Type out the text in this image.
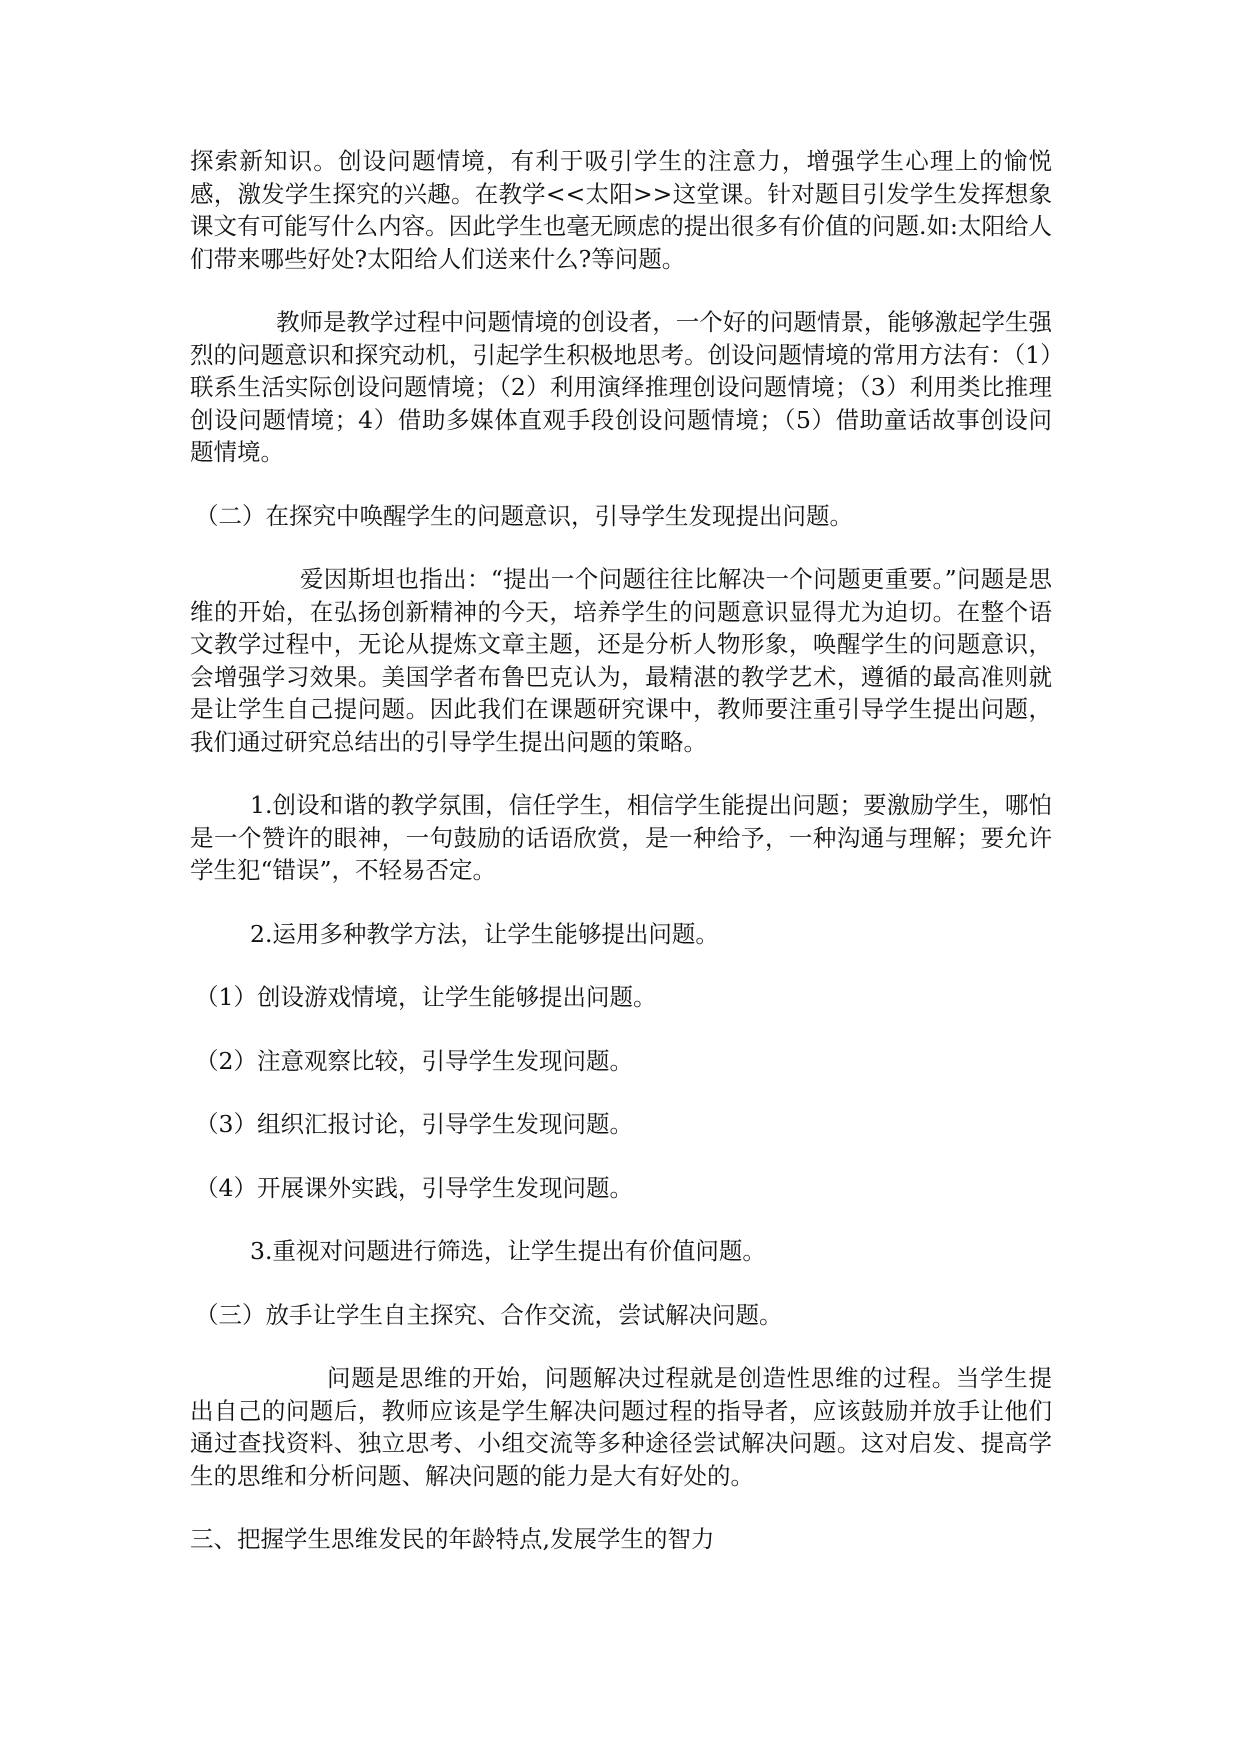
探索新知识。创设问题情境，有利于吸引学生的注意力，增强学生心理上的愉悦感，激发学生探究的兴趣。在教学<<太阳>>这堂课。针对题目引发学生发挥想象课文有可能写什么内容。因此学生也毫无顾虑的提出很多有价值的问题.如:太阳给人们带来哪些好处?太阳给人们送来什么?等问题。

教师是教学过程中问题情境的创设者，一个好的问题情景，能够激起学生强烈的问题意识和探究动机，引起学生积极地思考。创设问题情境的常用方法有：（1）联系生活实际创设问题情境；（2）利用演绎推理创设问题情境；（3）利用类比推理创设问题情境；4）借助多媒体直观手段创设问题情境；（5）借助童话故事创设问题情境。

（二）在探究中唤醒学生的问题意识，引导学生发现提出问题。

爱因斯坦也指出：“提出一个问题往往比解决一个问题更重要。”问题是思维的开始，在弘扬创新精神的今天，培养学生的问题意识显得尤为迫切。在整个语文教学过程中，无论从提炼文章主题，还是分析人物形象，唤醒学生的问题意识，会增强学习效果。美国学者布鲁巴克认为，最精湛的教学艺术，遵循的最高准则就是让学生自己提问题。因此我们在课题研究课中，教师要注重引导学生提出问题，我们通过研究总结出的引导学生提出问题的策略。

1.创设和谐的教学氛围，信任学生，相信学生能提出问题；要激励学生，哪怕是一个赞许的眼神，一句鼓励的话语欣赏，是一种给予，一种沟通与理解；要允许学生犯“错误”，不轻易否定。

2.运用多种教学方法，让学生能够提出问题。

（1）创设游戏情境，让学生能够提出问题。

（2）注意观察比较，引导学生发现问题。

（3）组织汇报讨论，引导学生发现问题。

（4）开展课外实践，引导学生发现问题。

3.重视对问题进行筛选，让学生提出有价值问题。

（三）放手让学生自主探究、合作交流，尝试解决问题。

问题是思维的开始，问题解决过程就是创造性思维的过程。当学生提出自己的问题后，教师应该是学生解决问题过程的指导者，应该鼓励并放手让他们通过查找资料、独立思考、小组交流等多种途径尝试解决问题。这对启发、提高学生的思维和分析问题、解决问题的能力是大有好处的。

三、把握学生思维发民的年龄特点,发展学生的智力
